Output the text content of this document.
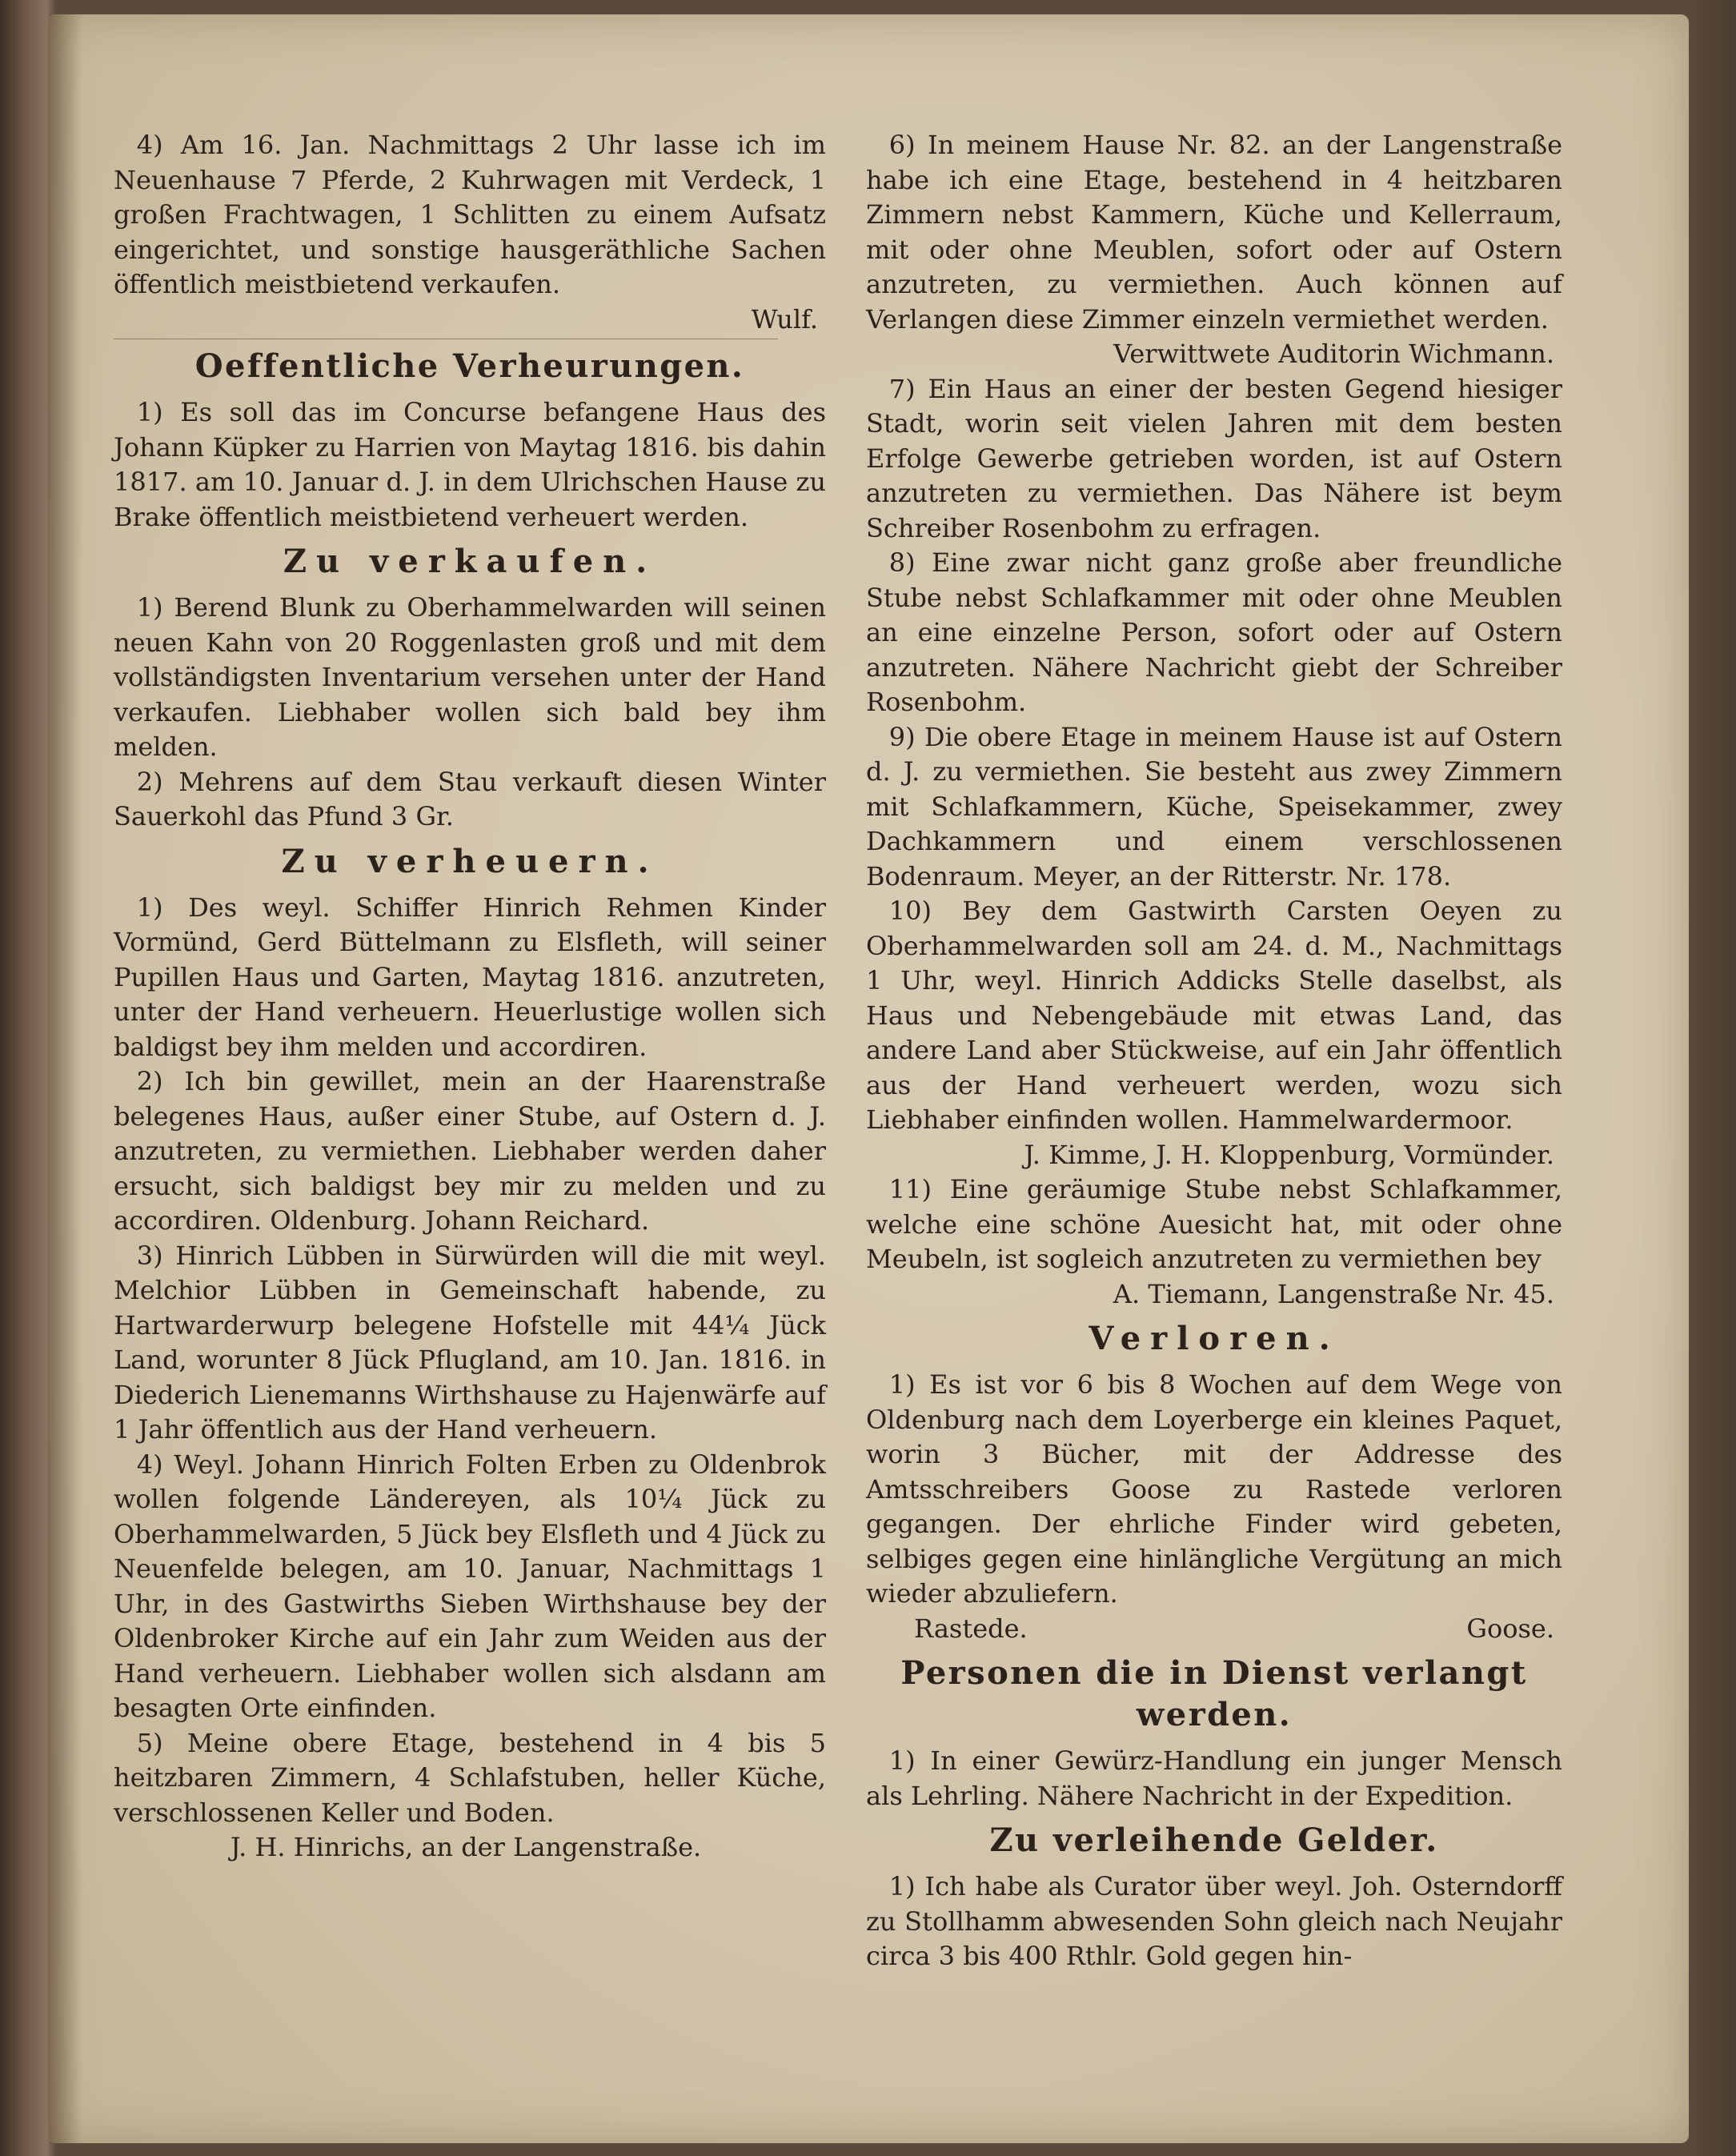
4) Am 16. Jan. Nachmittags 2 Uhr lasse ich im Neuenhause 7 Pferde, 2 Kuhrwagen mit Verdeck, 1 großen Frachtwagen, 1 Schlitten zu einem Aufsatz eingerichtet, und sonstige hausgeräthliche Sachen öffentlich meistbietend verkaufen.

Wulf.

Oeffentliche Verheurungen.

1) Es soll das im Concurse befangene Haus des Johann Küpker zu Harrien von Maytag 1816. bis dahin 1817. am 10. Januar d. J. in dem Ulrichschen Hause zu Brake öffentlich meistbietend verheuert werden.

Zu verkaufen.

1) Berend Blunk zu Oberhammelwarden will seinen neuen Kahn von 20 Roggenlasten groß und mit dem vollständigsten Inventarium versehen unter der Hand verkaufen. Liebhaber wollen sich bald bey ihm melden.

2) Mehrens auf dem Stau verkauft diesen Winter Sauerkohl das Pfund 3 Gr.

Zu verheuern.

1) Des weyl. Schiffer Hinrich Rehmen Kinder Vormünd, Gerd Büttelmann zu Elsfleth, will seiner Pupillen Haus und Garten, Maytag 1816. anzutreten, unter der Hand verheuern. Heuerlustige wollen sich baldigst bey ihm melden und accordiren.

2) Ich bin gewillet, mein an der Haarenstraße belegenes Haus, außer einer Stube, auf Ostern d. J. anzutreten, zu vermiethen. Liebhaber werden daher ersucht, sich baldigst bey mir zu melden und zu accordiren. Oldenburg. Johann Reichard.

3) Hinrich Lübben in Sürwürden will die mit weyl. Melchior Lübben in Gemeinschaft habende, zu Hartwarderwurp belegene Hofstelle mit 44¼ Jück Land, worunter 8 Jück Pflugland, am 10. Jan. 1816. in Diederich Lienemanns Wirthshause zu Hajenwärfe auf 1 Jahr öffentlich aus der Hand verheuern.

4) Weyl. Johann Hinrich Folten Erben zu Oldenbrok wollen folgende Ländereyen, als 10¼ Jück zu Oberhammelwarden, 5 Jück bey Elsfleth und 4 Jück zu Neuenfelde belegen, am 10. Januar, Nachmittags 1 Uhr, in des Gastwirths Sieben Wirthshause bey der Oldenbroker Kirche auf ein Jahr zum Weiden aus der Hand verheuern. Liebhaber wollen sich alsdann am besagten Orte einfinden.

5) Meine obere Etage, bestehend in 4 bis 5 heitzbaren Zimmern, 4 Schlafstuben, heller Küche, verschlossenen Keller und Boden.

J. H. Hinrichs, an der Langenstraße.

6) In meinem Hause Nr. 82. an der Langenstraße habe ich eine Etage, bestehend in 4 heitzbaren Zimmern nebst Kammern, Küche und Kellerraum, mit oder ohne Meublen, sofort oder auf Ostern anzutreten, zu vermiethen. Auch können auf Verlangen diese Zimmer einzeln vermiethet werden.

Verwittwete Auditorin Wichmann.

7) Ein Haus an einer der besten Gegend hiesiger Stadt, worin seit vielen Jahren mit dem besten Erfolge Gewerbe getrieben worden, ist auf Ostern anzutreten zu vermiethen. Das Nähere ist beym Schreiber Rosenbohm zu erfragen.

8) Eine zwar nicht ganz große aber freundliche Stube nebst Schlafkammer mit oder ohne Meublen an eine einzelne Person, sofort oder auf Ostern anzutreten. Nähere Nachricht giebt der Schreiber Rosenbohm.

9) Die obere Etage in meinem Hause ist auf Ostern d. J. zu vermiethen. Sie besteht aus zwey Zimmern mit Schlafkammern, Küche, Speisekammer, zwey Dachkammern und einem verschlossenen Bodenraum. Meyer, an der Ritterstr. Nr. 178.

10) Bey dem Gastwirth Carsten Oeyen zu Oberhammelwarden soll am 24. d. M., Nachmittags 1 Uhr, weyl. Hinrich Addicks Stelle daselbst, als Haus und Nebengebäude mit etwas Land, das andere Land aber Stückweise, auf ein Jahr öffentlich aus der Hand verheuert werden, wozu sich Liebhaber einfinden wollen. Hammelwardermoor.

J. Kimme, J. H. Kloppenburg, Vormünder.

11) Eine geräumige Stube nebst Schlafkammer, welche eine schöne Auesicht hat, mit oder ohne Meubeln, ist sogleich anzutreten zu vermiethen bey

A. Tiemann, Langenstraße Nr. 45.

Verloren.

1) Es ist vor 6 bis 8 Wochen auf dem Wege von Oldenburg nach dem Loyerberge ein kleines Paquet, worin 3 Bücher, mit der Addresse des Amtsschreibers Goose zu Rastede verloren gegangen. Der ehrliche Finder wird gebeten, selbiges gegen eine hinlängliche Vergütung an mich wieder abzuliefern.

Rastede.	Goose.

Personen die in Dienst verlangt werden.

1) In einer Gewürz-Handlung ein junger Mensch als Lehrling. Nähere Nachricht in der Expedition.

Zu verleihende Gelder.

1) Ich habe als Curator über weyl. Joh. Osterndorff zu Stollhamm abwesenden Sohn gleich nach Neujahr circa 3 bis 400 Rthlr. Gold gegen hin-
